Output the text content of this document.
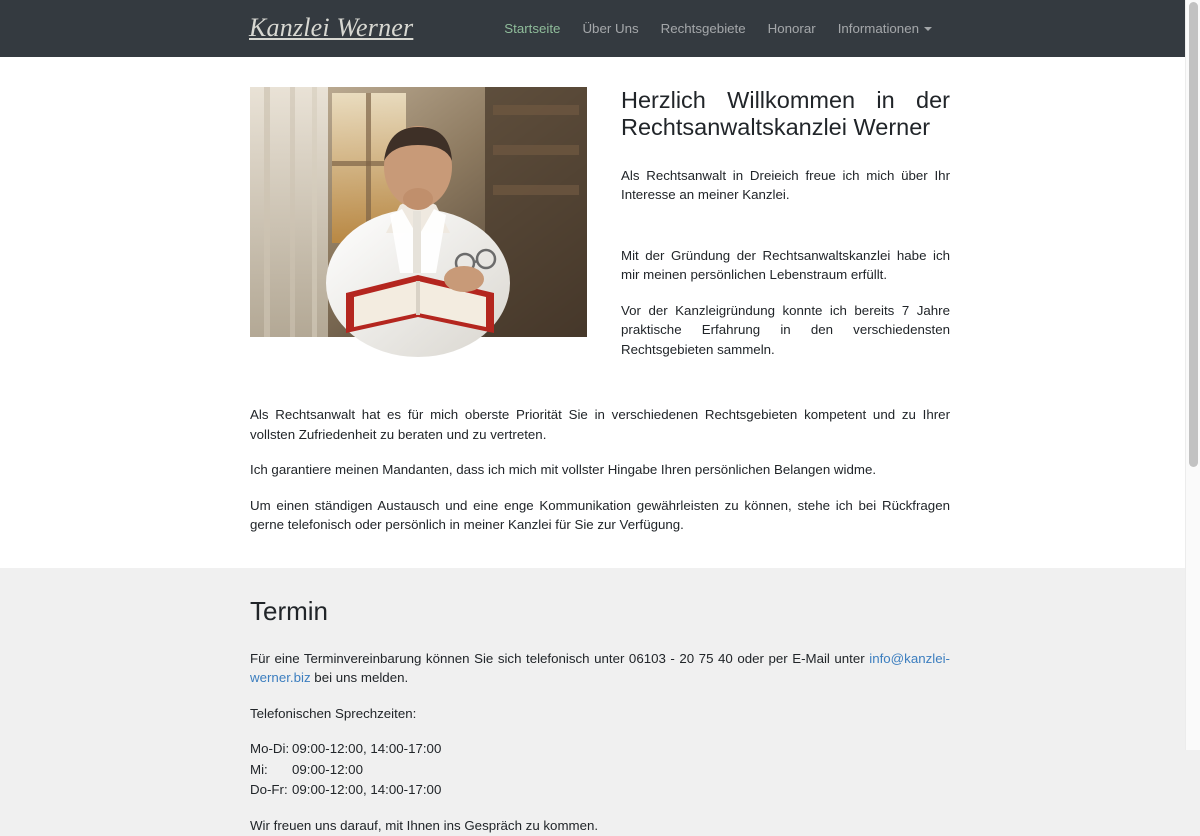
Kanzlei Werner	Startseite	Über Uns	Rechtsgebiete	Honorar	Informationen
Herzlich Willkommen in der Rechtsanwaltskanzlei Werner

Als Rechtsanwalt in Dreieich freue ich mich über Ihr Interesse an meiner Kanzlei.

Mit der Gründung der Rechtsanwaltskanzlei habe ich mir meinen persönlichen Lebenstraum erfüllt.

Vor der Kanzleigründung konnte ich bereits 7 Jahre praktische Erfahrung in den verschiedensten Rechtsgebieten sammeln.

Als Rechtsanwalt hat es für mich oberste Priorität Sie in verschiedenen Rechtsgebieten kompetent und zu Ihrer vollsten Zufriedenheit zu beraten und zu vertreten.

Ich garantiere meinen Mandanten, dass ich mich mit vollster Hingabe Ihren persönlichen Belangen widme.

Um einen ständigen Austausch und eine enge Kommunikation gewährleisten zu können, stehe ich bei Rückfragen gerne telefonisch oder persönlich in meiner Kanzlei für Sie zur Verfügung.

Termin

Für eine Terminvereinbarung können Sie sich telefonisch unter 06103 - 20 75 40 oder per E-Mail unter info@kanzlei-werner.biz bei uns melden.

Telefonischen Sprechzeiten:

Mo-Di: 09:00-12:00, 14:00-17:00
Mi:	09:00-12:00
Do-Fr: 09:00-12:00, 14:00-17:00

Wir freuen uns darauf, mit Ihnen ins Gespräch zu kommen.
